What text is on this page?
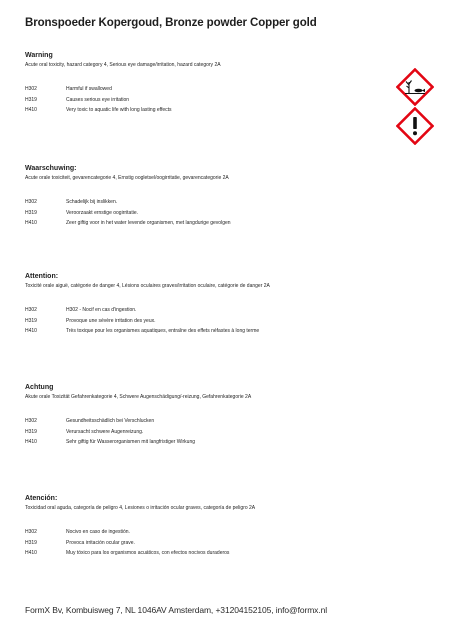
Bronspoeder Kopergoud, Bronze powder Copper gold
Warning
Acute oral toxicity, hazard category 4, Serious eye damage/irritation, hazard category 2A
H302	Harmful if swallowed
H319	Causes serious eye irritation
H410	Very toxic to aquatic life with long lasting effects
Waarschuwing:
Acute orale toxiciteit, gevarencategorie 4, Ernstig oogletsel/oogirritatie, gevarencategorie 2A
H302	Schadelijk bij inslikken.
H319	Veroorzaakt ernstige oogirritatie.
H410	Zeer giftig voor in het water levende organismen, met langdurige gevolgen
Attention:
Toxicité orale aiguë, catégorie de danger 4, Lésions oculaires graves/irritation oculaire, catégorie de danger 2A
H302	H302 - Nocif en cas d'ingestion.
H319	Provoque une sévère irritation des yeux.
H410	Très toxique pour les organismes aquatiques, entraîne des effets néfastes à long terme
Achtung
Akute orale Toxizität Gefahrenkategorie 4, Schwere Augenschädigung/-reizung, Gefahrenkategorie 2A
H302	Gesundheitsschädlich bei Verschlucken
H319	Verursacht schwere Augenreizung.
H410	Sehr giftig für Wasserorganismen mit langfristiger Wirkung
Atención:
Toxicidad oral aguda, categoría de peligro 4, Lesiones o irritación ocular graves, categoría de peligro 2A
H302	Nocivo en caso de ingestión.
H319	Provoca irritación ocular grave.
H410	Muy tóxico para los organismos acuáticos, con efectos nocivos duraderos
FormX Bv, Kombuisweg 7, NL 1046AV Amsterdam, +31204152105, info@formx.nl
